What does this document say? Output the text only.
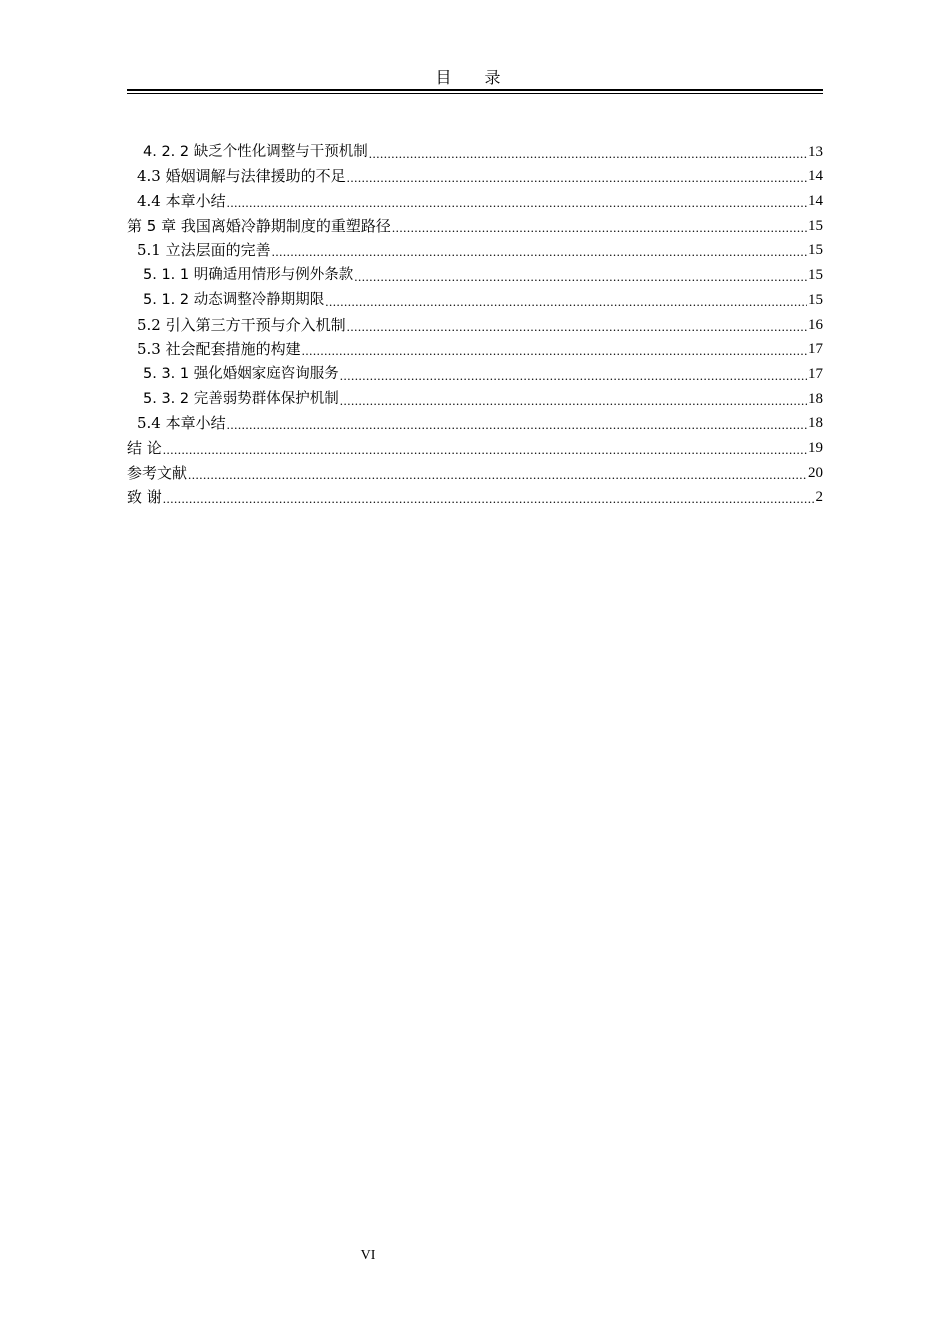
目 录
4. 2. 2 缺乏个性化调整与干预机制 .....	13
4.3 婚姻调解与法律援助的不足 .....	14
4.4 本章小结 .....	14
第 5 章 我国离婚冷静期制度的重塑路径 .....	15
5.1 立法层面的完善 .....	15
5. 1. 1 明确适用情形与例外条款 .....	15
5. 1. 2 动态调整冷静期期限 .....	15
5.2 引入第三方干预与介入机制 .....	16
5.3 社会配套措施的构建 .....	17
5. 3. 1 强化婚姻家庭咨询服务 .....	17
5. 3. 2 完善弱势群体保护机制 .....	18
5.4 本章小结 .....	18
结 论 .....	19
参考文献 .....	20
致 谢 .....	2
VI
